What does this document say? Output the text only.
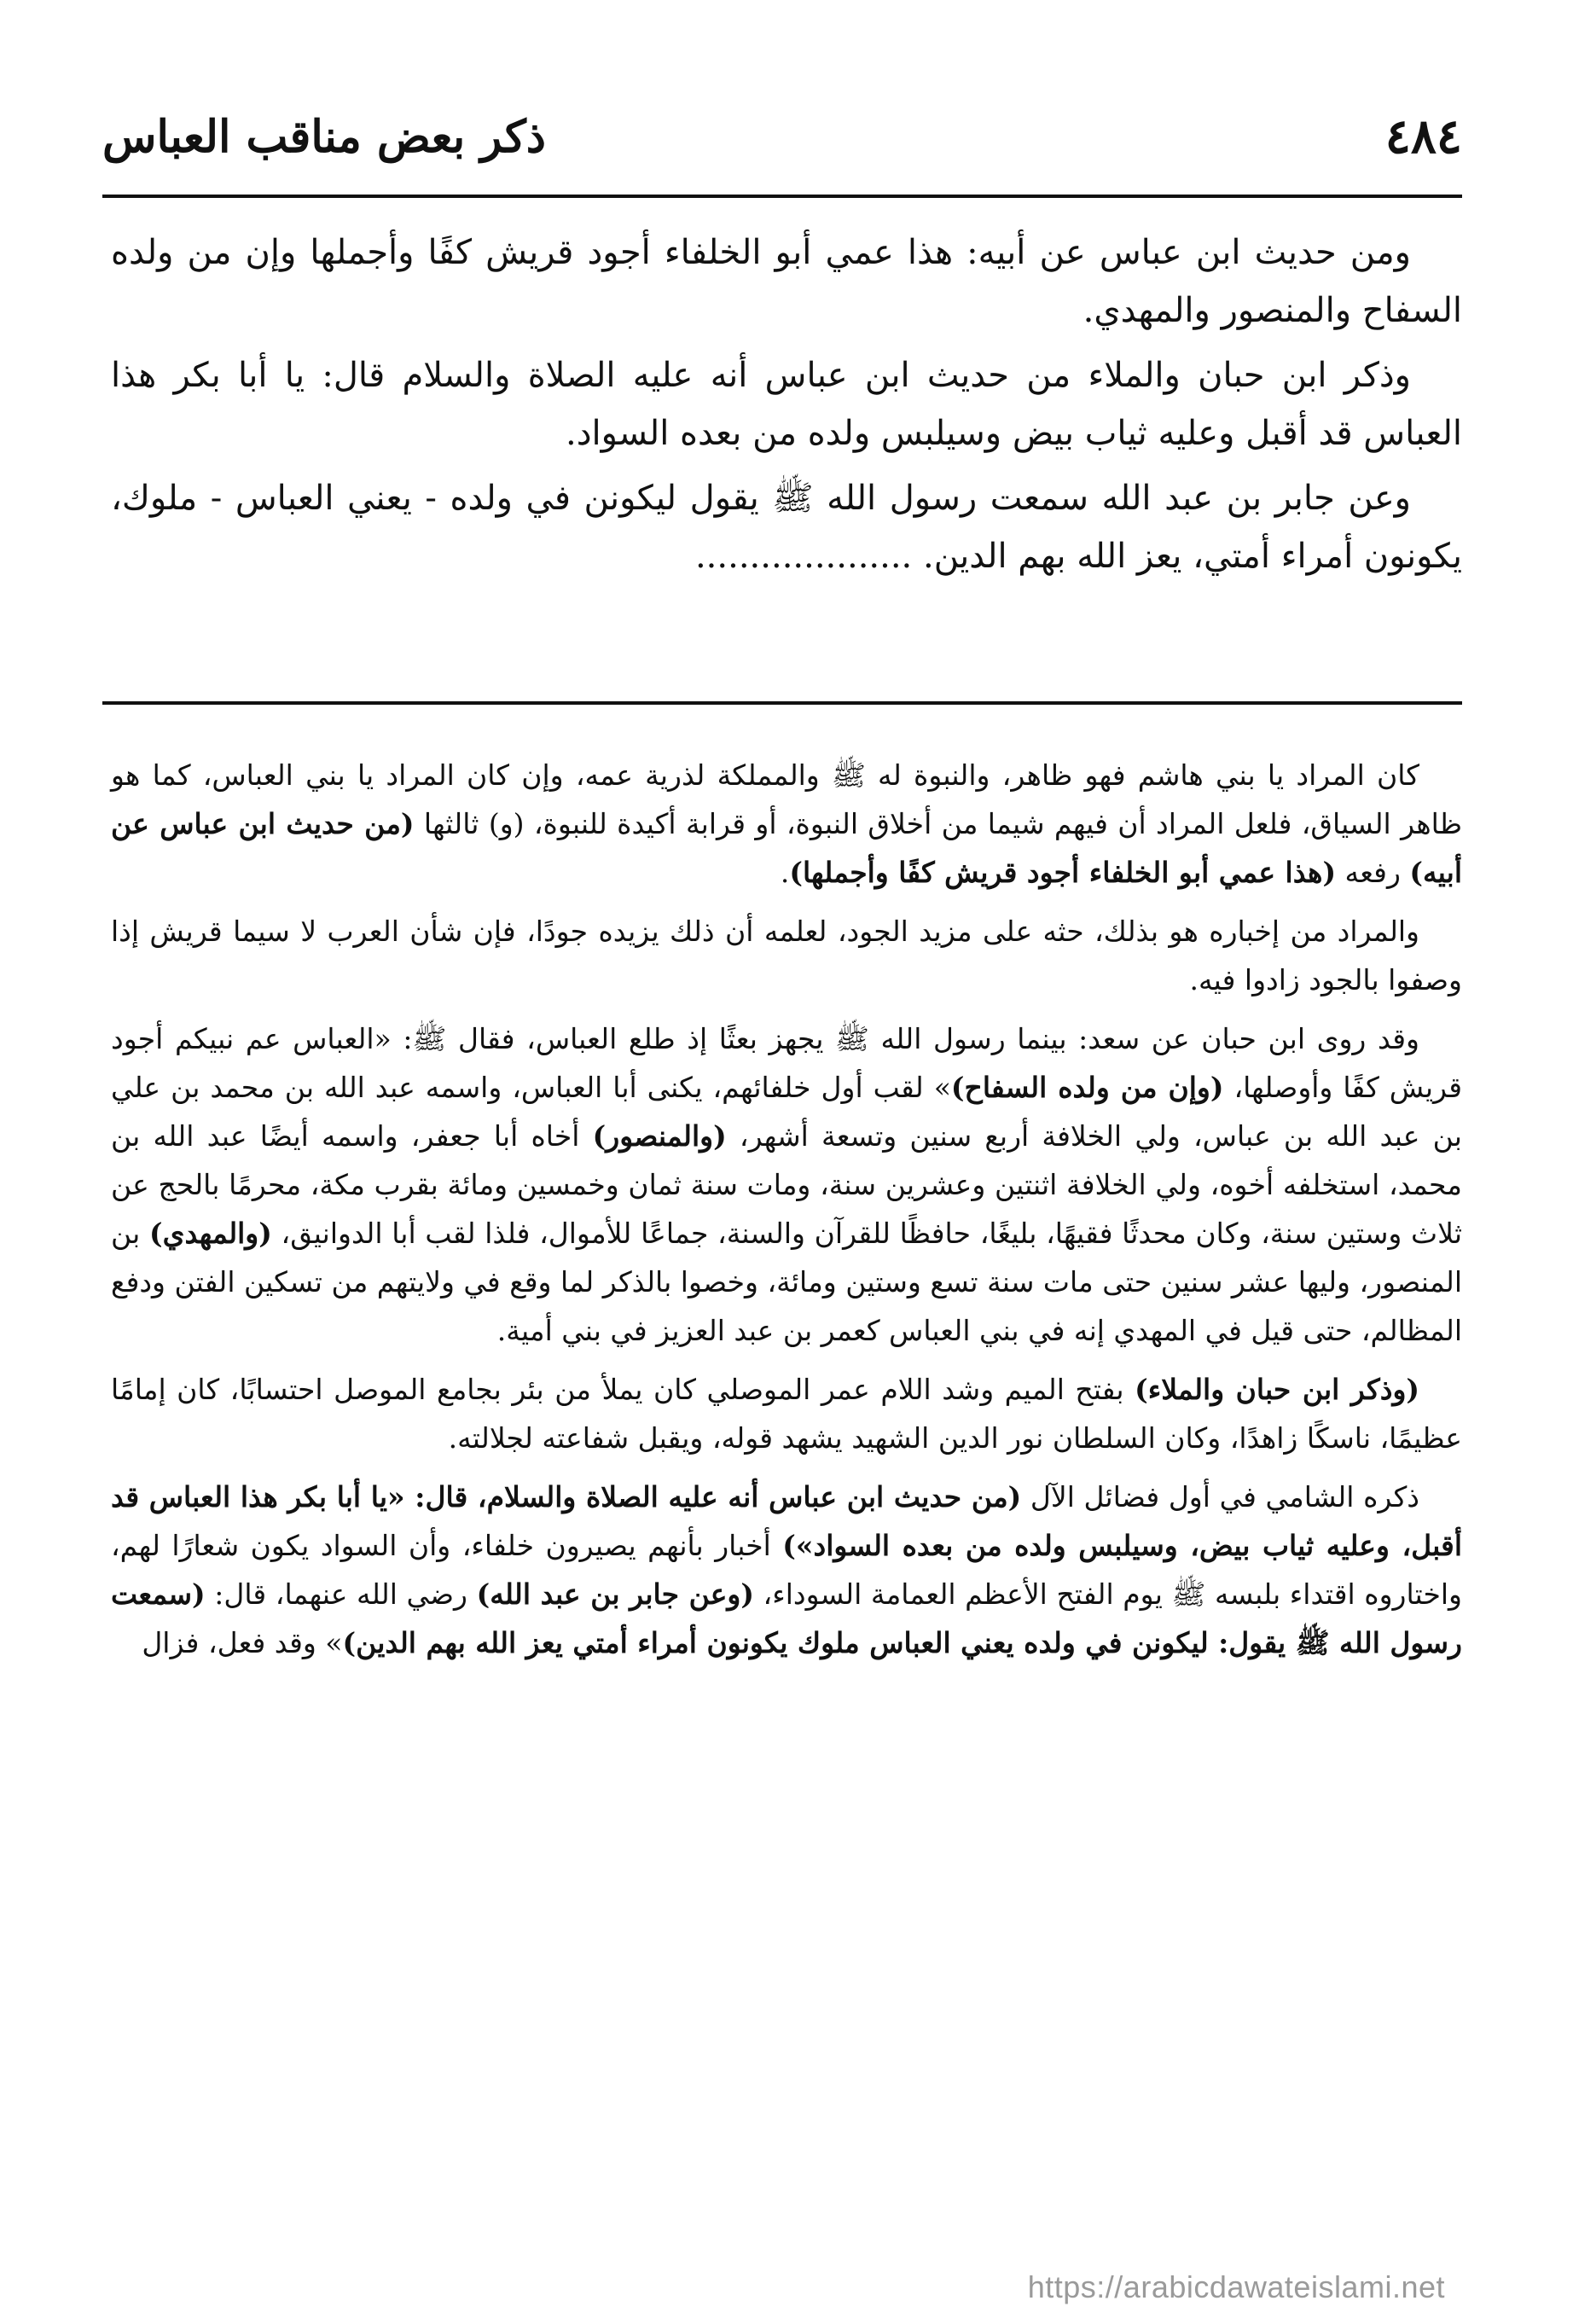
٤٨٤
ذكر بعض مناقب العباس

ومن حديث ابن عباس عن أبيه: هذا عمي أبو الخلفاء أجود قريش كفًا وأجملها وإن من ولده السفاح والمنصور والمهدي.

وذكر ابن حبان والملاء من حديث ابن عباس أنه عليه الصلاة والسلام قال: يا أبا بكر هذا العباس قد أقبل وعليه ثياب بيض وسيلبس ولده من بعده السواد.

وعن جابر بن عبد الله سمعت رسول الله ﷺ يقول ليكونن في ولده - يعني العباس - ملوك، يكونون أمراء أمتي، يعز الله بهم الدين. ....................

كان المراد يا بني هاشم فهو ظاهر، والنبوة له ﷺ والمملكة لذرية عمه، وإن كان المراد يا بني العباس، كما هو ظاهر السياق، فلعل المراد أن فيهم شيما من أخلاق النبوة، أو قرابة أكيدة للنبوة، (و) ثالثها (من حديث ابن عباس عن أبيه) رفعه (هذا عمي أبو الخلفاء أجود قريش كفًا وأجملها).

والمراد من إخباره هو بذلك، حثه على مزيد الجود، لعلمه أن ذلك يزيده جودًا، فإن شأن العرب لا سيما قريش إذا وصفوا بالجود زادوا فيه.

وقد روى ابن حبان عن سعد: بينما رسول الله ﷺ يجهز بعثًا إذ طلع العباس، فقال ﷺ: «العباس عم نبيكم أجود قريش كفًا وأوصلها، (وإن من ولده السفاح)» لقب أول خلفائهم، يكنى أبا العباس، واسمه عبد الله بن محمد بن علي بن عبد الله بن عباس، ولي الخلافة أربع سنين وتسعة أشهر، (والمنصور) أخاه أبا جعفر، واسمه أيضًا عبد الله بن محمد، استخلفه أخوه، ولي الخلافة اثنتين وعشرين سنة، ومات سنة ثمان وخمسين ومائة بقرب مكة، محرمًا بالحج عن ثلاث وستين سنة، وكان محدثًا فقيهًا، بليغًا، حافظًا للقرآن والسنة، جماعًا للأموال، فلذا لقب أبا الدوانيق، (والمهدي) بن المنصور، وليها عشر سنين حتى مات سنة تسع وستين ومائة، وخصوا بالذكر لما وقع في ولايتهم من تسكين الفتن ودفع المظالم، حتى قيل في المهدي إنه في بني العباس كعمر بن عبد العزيز في بني أمية.

(وذكر ابن حبان والملاء) بفتح الميم وشد اللام عمر الموصلي كان يملأ من بئر بجامع الموصل احتسابًا، كان إمامًا عظيمًا، ناسكًا زاهدًا، وكان السلطان نور الدين الشهيد يشهد قوله، ويقبل شفاعته لجلالته.

ذكره الشامي في أول فضائل الآل (من حديث ابن عباس أنه عليه الصلاة والسلام، قال: «يا أبا بكر هذا العباس قد أقبل، وعليه ثياب بيض، وسيلبس ولده من بعده السواد») أخبار بأنهم يصيرون خلفاء، وأن السواد يكون شعارًا لهم، واختاروه اقتداء بلبسه ﷺ يوم الفتح الأعظم العمامة السوداء، (وعن جابر بن عبد الله) رضي الله عنهما، قال: (سمعت رسول الله ﷺ يقول: ليكونن في ولده يعني العباس ملوك يكونون أمراء أمتي يعز الله بهم الدين)» وقد فعل، فزال

https://arabicdawateislami.net
